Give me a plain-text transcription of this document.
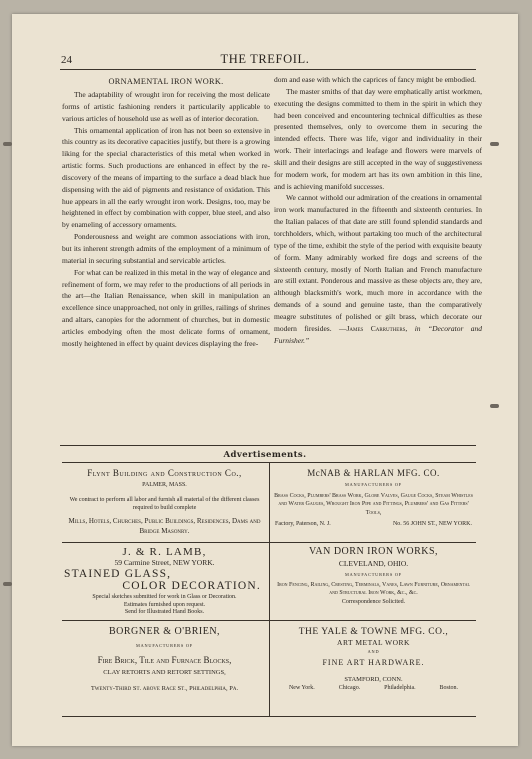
24	THE TREFOIL.
ORNAMENTAL IRON WORK.

The adaptability of wrought iron for receiving the most delicate forms of artistic fashioning renders it particularily applicable to various articles of household use as well as of interior decoration.

This ornamental application of iron has not been so extensive in this country as its decorative capacities justify, but there is a growing liking for the special characteristics of this metal when worked in artistic forms. Such productions are enhanced in effect by the re-discovery of the means of imparting to the surface a dead black hue dispensing with the aid of pigments and resistance of oxidation. This hue appears in all the early wrought iron work. Designs, too, may be heightened in effect by combination with copper, blue steel, and also by enameling of accessory ornaments.

Ponderousness and weight are common associations with iron, but its inherent strength admits of the employment of a minimum of material in securing substantial and servicable articles.

For what can be realized in this metal in the way of elegance and refinement of form, we may refer to the productions of all periods in the art—the Italian Renaissance, when skill in manipulation an excellence since unapproached, not only in grilles, railings of shrines and altars, canopies for the adornment of churches, but in domestic articles embodying often the most delicate forms of ornament, mostly heightened in effect by quaint devices displaying the free-

dom and ease with which the caprices of fancy might be embodied.

The master smiths of that day were emphatically artist workmen, executing the designs committed to them in the spirit in which they had been conceived and encountering technical difficulties as these presented themselves, only to overcome them in securing the intended effects. There was life, vigor and individuality in their work. Their interlacings and leafage and flowers were marvels of skill and their designs are still accepted in the way of suggestiveness for modern work, for modern art has its own ambition in this line, and is achieving manifold successes.

We cannot withold our admiration of the creations in ornamental iron work manufactured in the fifteenth and sixteenth centuries. In the Italian palaces of that date are still found splendid standards and torchholders, which, without partaking too much of the architectural type of the time, exhibit the style of the period with exquisite beauty of form. Many admirably worked fire dogs and screens of the sixteenth century, mostly of North Italian and French manufacture are still extant. Ponderous and massive as these objects are, they are, although blacksmith's work, much more in accordance with the demands of a sound and genuine taste, than the comparatively meagre substitutes of polished or gilt brass, which decorate our modern firesides. —James Carruthers, in “Decorator and Furnisher.”

Advertisements.
Flynt Building and Construction Co.,
PALMER, MASS.
We contract to perform all labor and furnish all material of the different classes required to build complete
Mills, Hotels, Churches, Public Buildings, Residences, Dams and Bridge Masonry.
McNAB & HARLAN MFG. CO.
MANUFACTURERS OF
Brass Cocks, Plumbers' Brass Work, Globe Valves, Gauge Cocks, Steam Whistles and Water Gauges, Wrought Iron Pipe and Fittings, Plumbers' and Gas Fitters' Tools,
Factory, Paterson, N. J.	No. 56 JOHN ST., NEW YORK.
J. & R. LAMB,
59 Carmine Street, NEW YORK.
STAINED GLASS,
COLOR DECORATION.
Special sketches submitted for work in Glass or Decoration.
Estimates furnished upon request.
Send for Illustrated Hand Books.
VAN DORN IRON WORKS,
CLEVELAND, OHIO.
MANUFACTURERS OF
Iron Fencing, Railing, Cresting, Terminals, Vanes, Lawn Furniture, Ornamental and Structural Iron Work, &c., &c.
Correspondence Solicited.
BORGNER & O'BRIEN,
MANUFACTURERS OF
Fire Brick, Tile and Furnace Blocks,
CLAY RETORTS AND RETORT SETTINGS,
Twenty-Third St. above Race St., Philadelphia, Pa.
THE YALE & TOWNE MFG. CO.,
ART METAL WORK
AND
FINE ART HARDWARE.
STAMFORD, CONN.
New York.	Chicago.	Philadelphia.	Boston.
